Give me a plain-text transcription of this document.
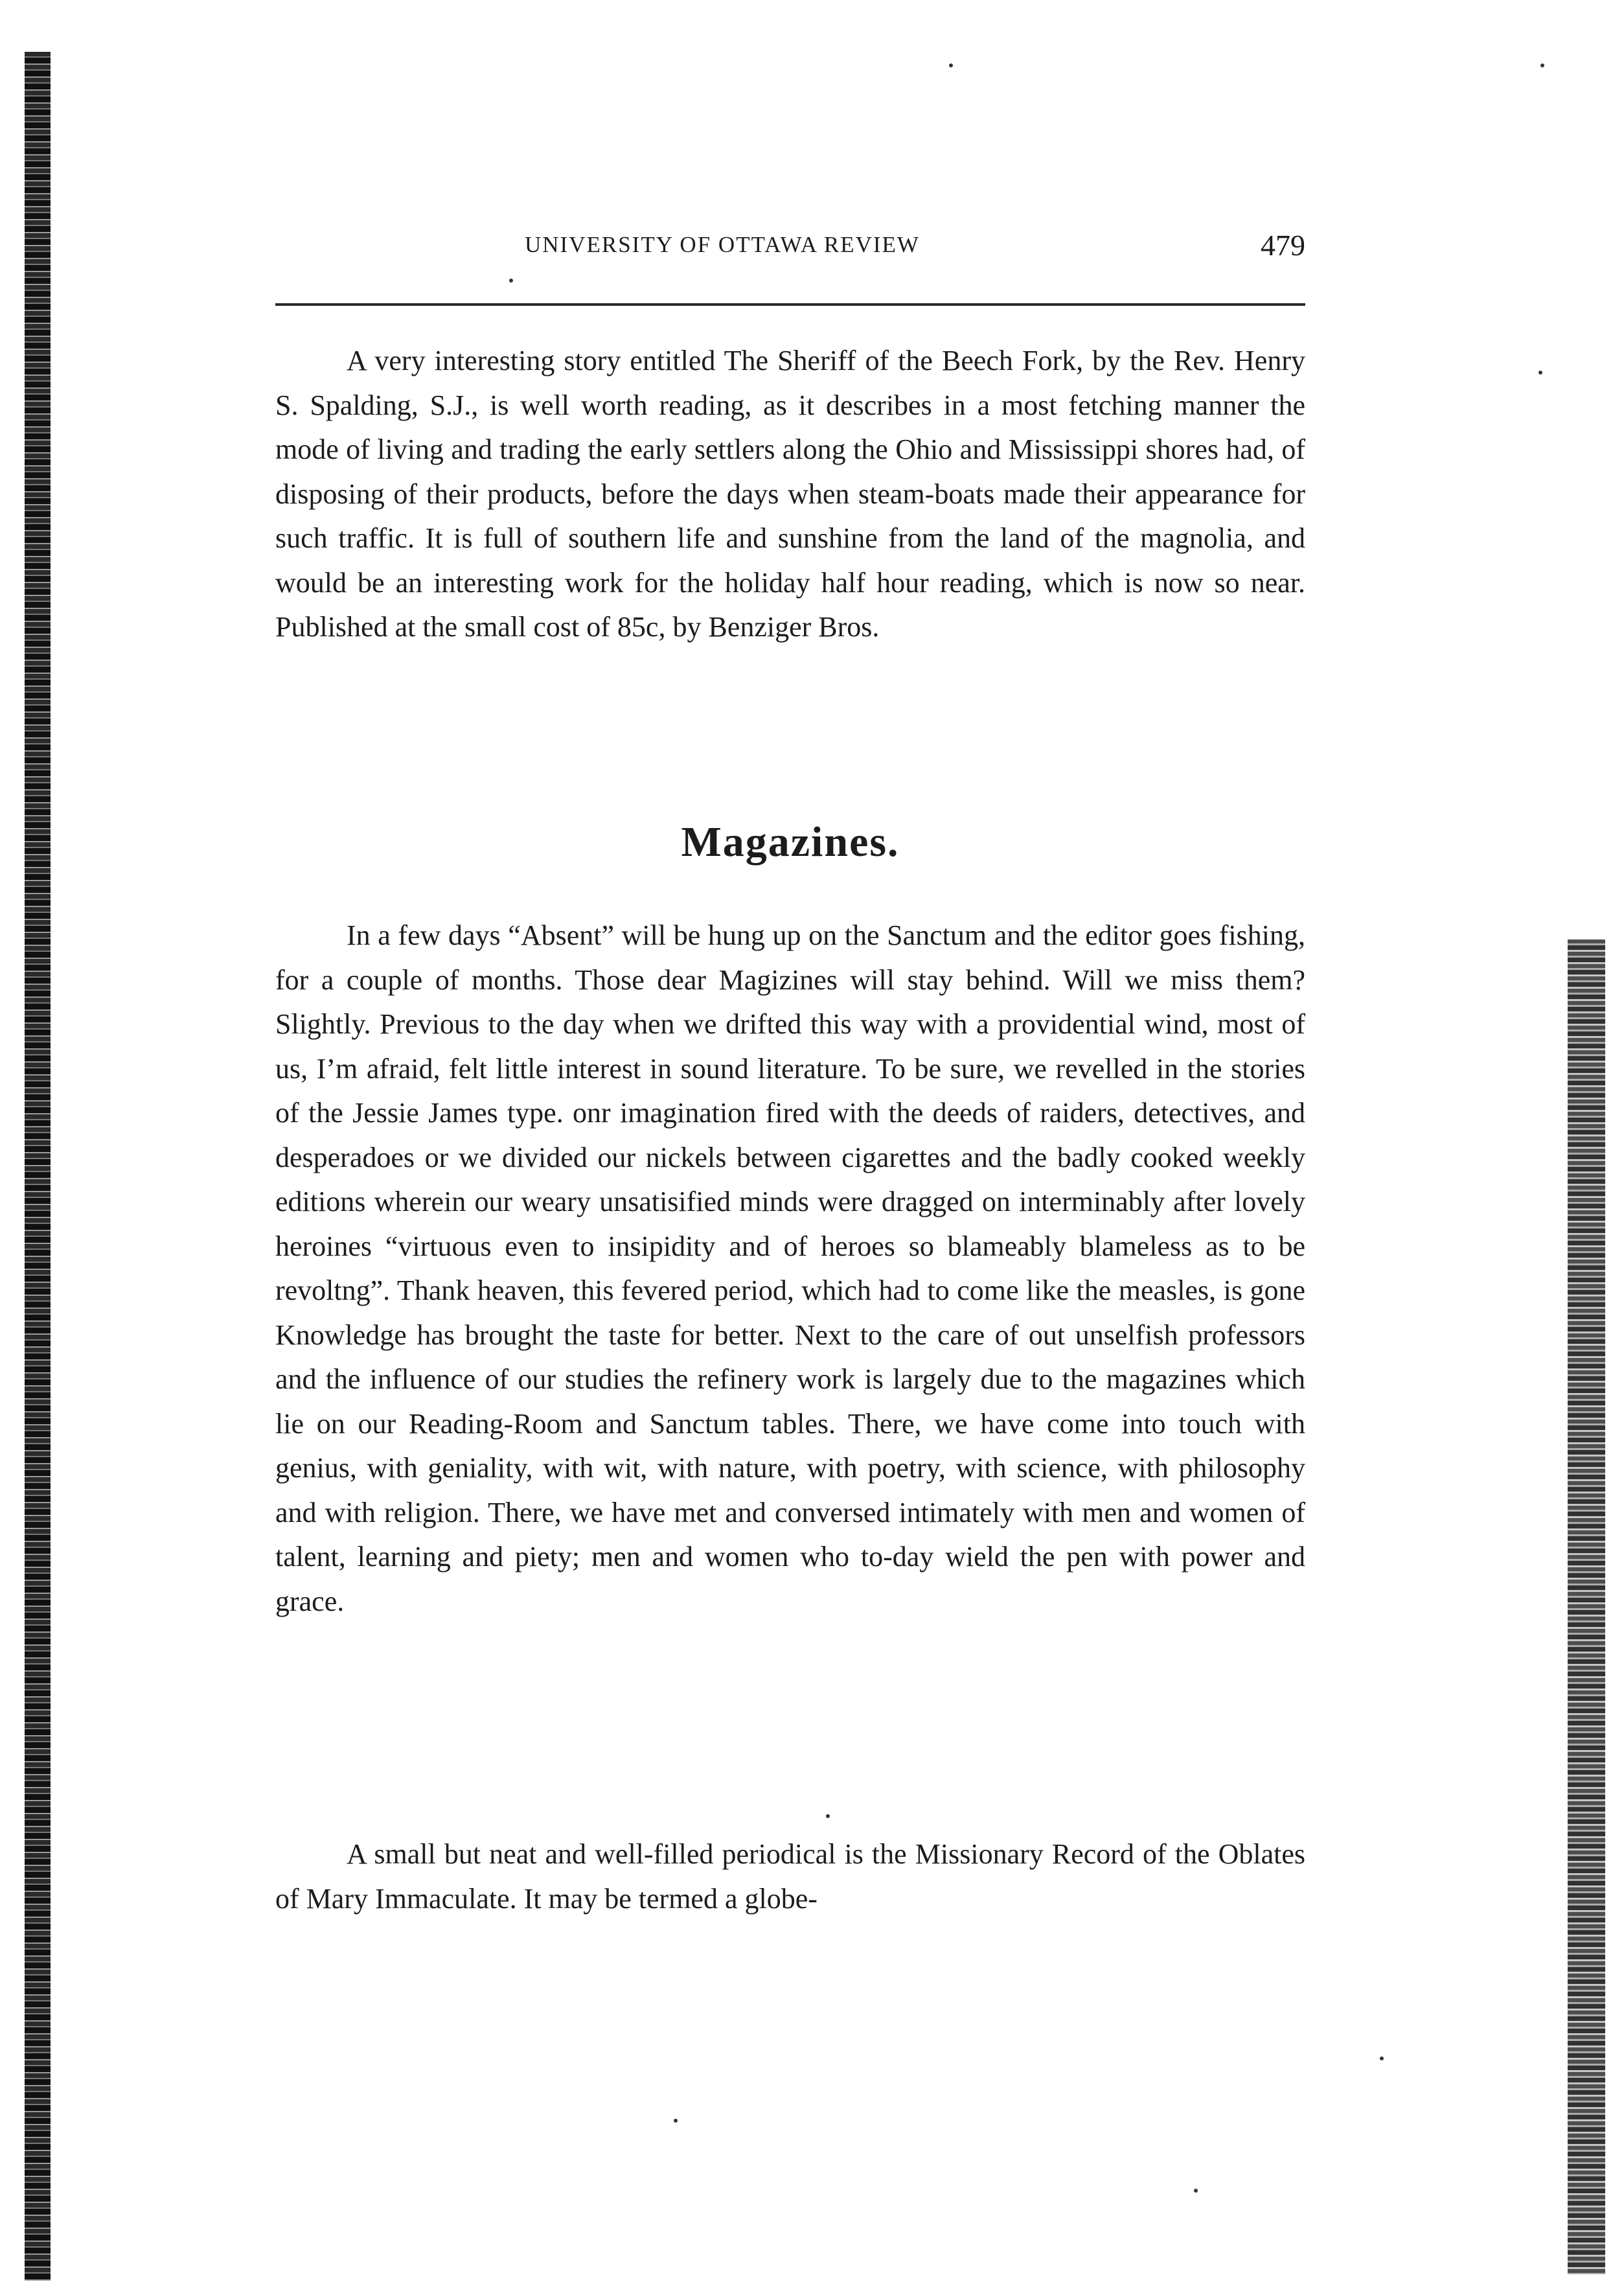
UNIVERSITY OF OTTAWA REVIEW	479

A very interesting story entitled The Sheriff of the Beech Fork, by the Rev. Henry S. Spalding, S.J., is well worth reading, as it describes in a most fetching manner the mode of living and trading the early settlers along the Ohio and Mississippi shores had, of disposing of their products, before the days when steam-boats made their appearance for such traffic. It is full of southern life and sunshine from the land of the magnolia, and would be an interesting work for the holiday half hour reading, which is now so near. Published at the small cost of 85c, by Benziger Bros.

Magazines.

In a few days “Absent” will be hung up on the Sanctum and the editor goes fishing, for a couple of months. Those dear Magizines will stay behind. Will we miss them? Slightly. Previous to the day when we drifted this way with a providential wind, most of us, I’m afraid, felt little interest in sound literature. To be sure, we revelled in the stories of the Jessie James type. onr imagination fired with the deeds of raiders, detectives, and desperadoes or we divided our nickels between cigarettes and the badly cooked weekly editions wherein our weary unsatisified minds were dragged on interminably after lovely heroines “virtuous even to insipidity and of heroes so blameably blameless as to be revoltng”. Thank heaven, this fevered period, which had to come like the measles, is gone Knowledge has brought the taste for better. Next to the care of out unselfish professors and the influence of our studies the refinery work is largely due to the magazines which lie on our Reading-Room and Sanctum tables. There, we have come into touch with genius, with geniality, with wit, with nature, with poetry, with science, with philosophy and with religion. There, we have met and conversed intimately with men and women of talent, learning and piety; men and women who to-day wield the pen with power and grace.

A small but neat and well-filled periodical is the Missionary Record of the Oblates of Mary Immaculate. It may be termed a globe-
